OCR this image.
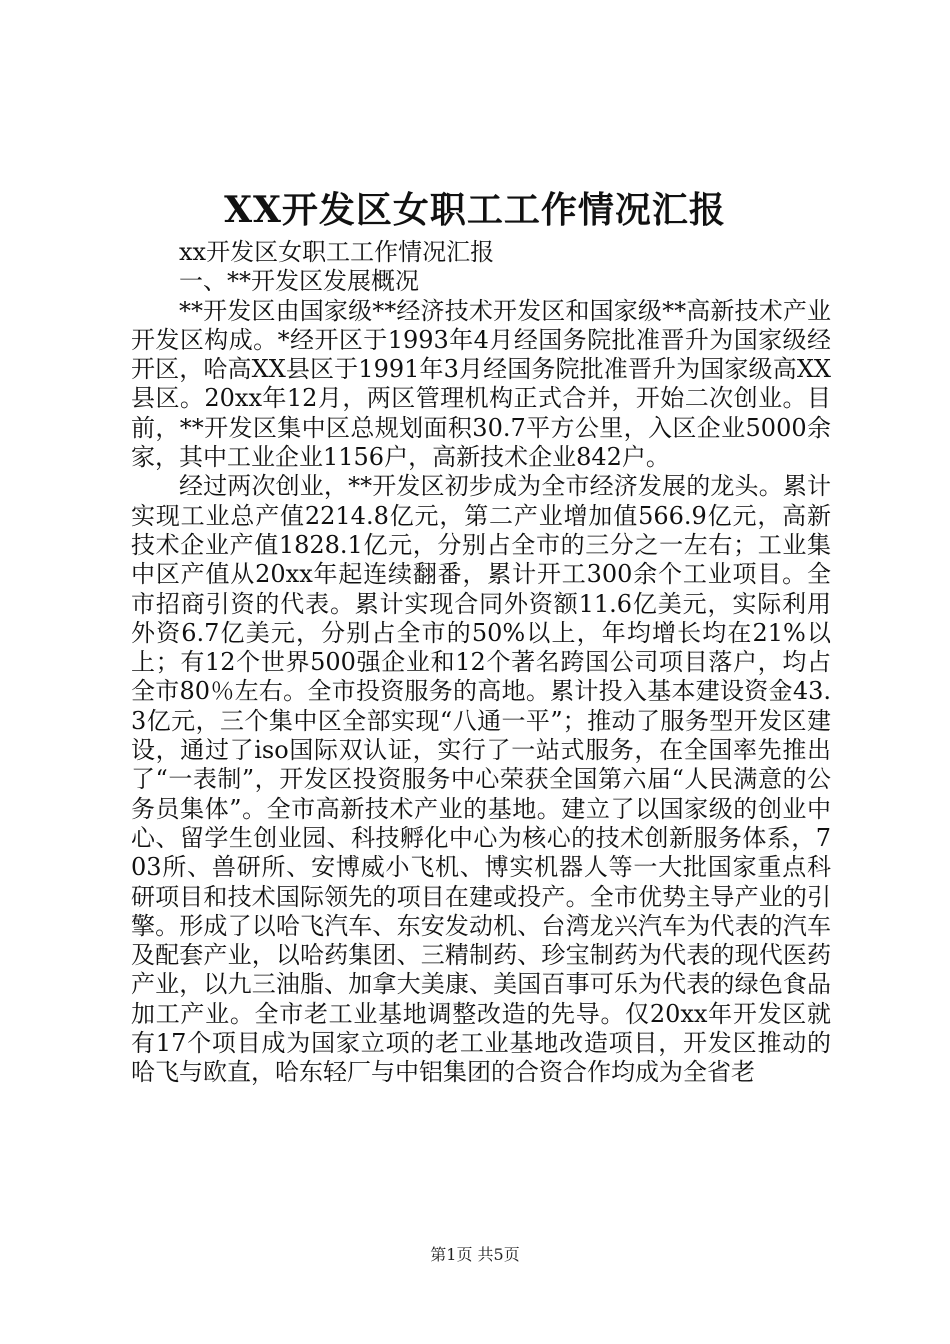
XX开发区女职工工作情况汇报

xx开发区女职工工作情况汇报

一、**开发区发展概况

**开发区由国家级**经济技术开发区和国家级**高新技术产业开发区构成。*经开区于1993年4月经国务院批准晋升为国家级经开区，哈高XX县区于1991年3月经国务院批准晋升为国家级高XX县区。20xx年12月，两区管理机构正式合并，开始二次创业。目前，**开发区集中区总规划面积30.7平方公里，入区企业5000余家，其中工业企业1156户，高新技术企业842户。

经过两次创业，**开发区初步成为全市经济发展的龙头。累计实现工业总产值2214.8亿元，第二产业增加值566.9亿元，高新技术企业产值1828.1亿元，分别占全市的三分之一左右；工业集中区产值从20xx年起连续翻番，累计开工300余个工业项目。全市招商引资的代表。累计实现合同外资额11.6亿美元，实际利用外资6.7亿美元，分别占全市的50%以上，年均增长均在21%以上；有12个世界500强企业和12个著名跨国公司项目落户，均占全市80％左右。全市投资服务的高地。累计投入基本建设资金43.3亿元，三个集中区全部实现“八通一平”；推动了服务型开发区建设，通过了iso国际双认证，实行了一站式服务，在全国率先推出了“一表制”，开发区投资服务中心荣获全国第六届“人民满意的公务员集体”。全市高新技术产业的基地。建立了以国家级的创业中心、留学生创业园、科技孵化中心为核心的技术创新服务体系，703所、兽研所、安博威小飞机、博实机器人等一大批国家重点科研项目和技术国际领先的项目在建或投产。全市优势主导产业的引擎。形成了以哈飞汽车、东安发动机、台湾龙兴汽车为代表的汽车及配套产业，以哈药集团、三精制药、珍宝制药为代表的现代医药产业，以九三油脂、加拿大美康、美国百事可乐为代表的绿色食品加工产业。全市老工业基地调整改造的先导。仅20xx年开发区就有17个项目成为国家立项的老工业基地改造项目，开发区推动的哈飞与欧直，哈东轻厂与中铝集团的合资合作均成为全省老

第1页 共5页
